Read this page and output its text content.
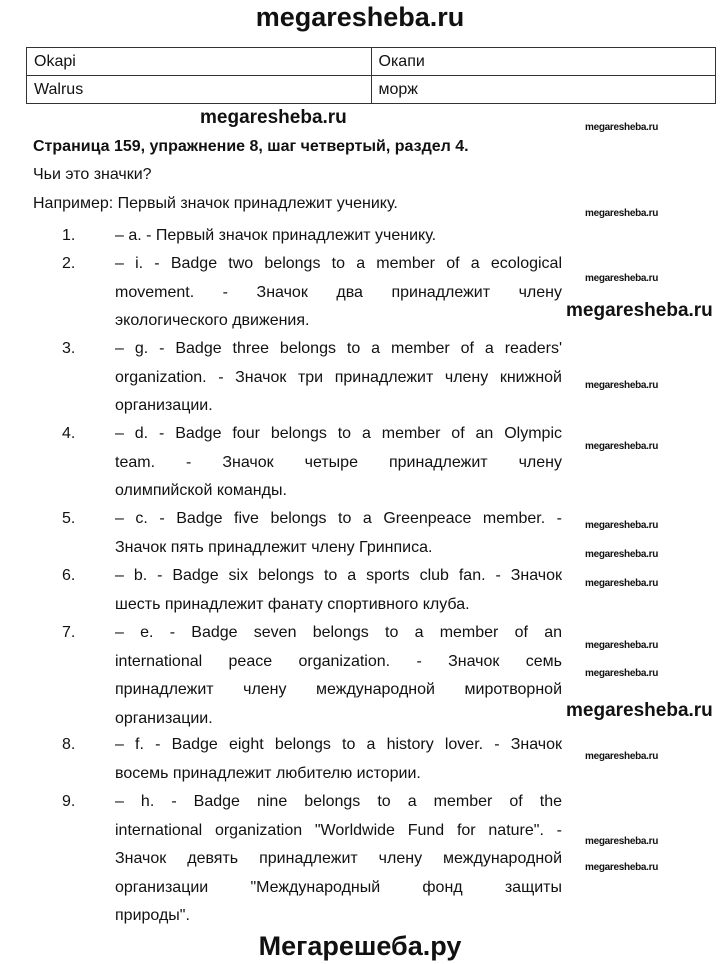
megaresheba.ru
Okapi	Окапи
Walrus	морж
Страница 159, упражнение 8, шаг четвертый, раздел 4.
Чьи это значки?
Например: Первый значок принадлежит ученику.
1. – a. - Первый значок принадлежит ученику.
2. – i. - Badge two belongs to a member of a ecological
movement. - Значок два принадлежит члену
экологического движения.
3. – g. - Badge three belongs to a member of a readers'
organization. - Значок три принадлежит члену книжной
организации.
4. – d. - Badge four belongs to a member of an Olympic
team. - Значок четыре принадлежит члену
олимпийской команды.
5. – c. - Badge five belongs to a Greenpeace member. -
Значок пять принадлежит члену Гринписа.
6. – b. - Badge six belongs to a sports club fan. - Значок
шесть принадлежит фанату спортивного клуба.
7. – e. - Badge seven belongs to a member of an
international peace organization. - Значок семь
принадлежит члену международной миротворной
организации.
8. – f. - Badge eight belongs to a history lover. - Значок
восемь принадлежит любителю истории.
9. – h. - Badge nine belongs to a member of the
international organization "Worldwide Fund for nature". -
Значок девять принадлежит члену международной
организации "Международный фонд защиты
природы".
megaresheba.ru
megaresheba.ru
megaresheba.ru
megaresheba.ru
megaresheba.ru
megaresheba.ru
megaresheba.ru
megaresheba.ru
megaresheba.ru
megaresheba.ru
megaresheba.ru
megaresheba.ru
megaresheba.ru
megaresheba.ru
megaresheba.ru
megaresheba.ru
Мегарешеба.ру
